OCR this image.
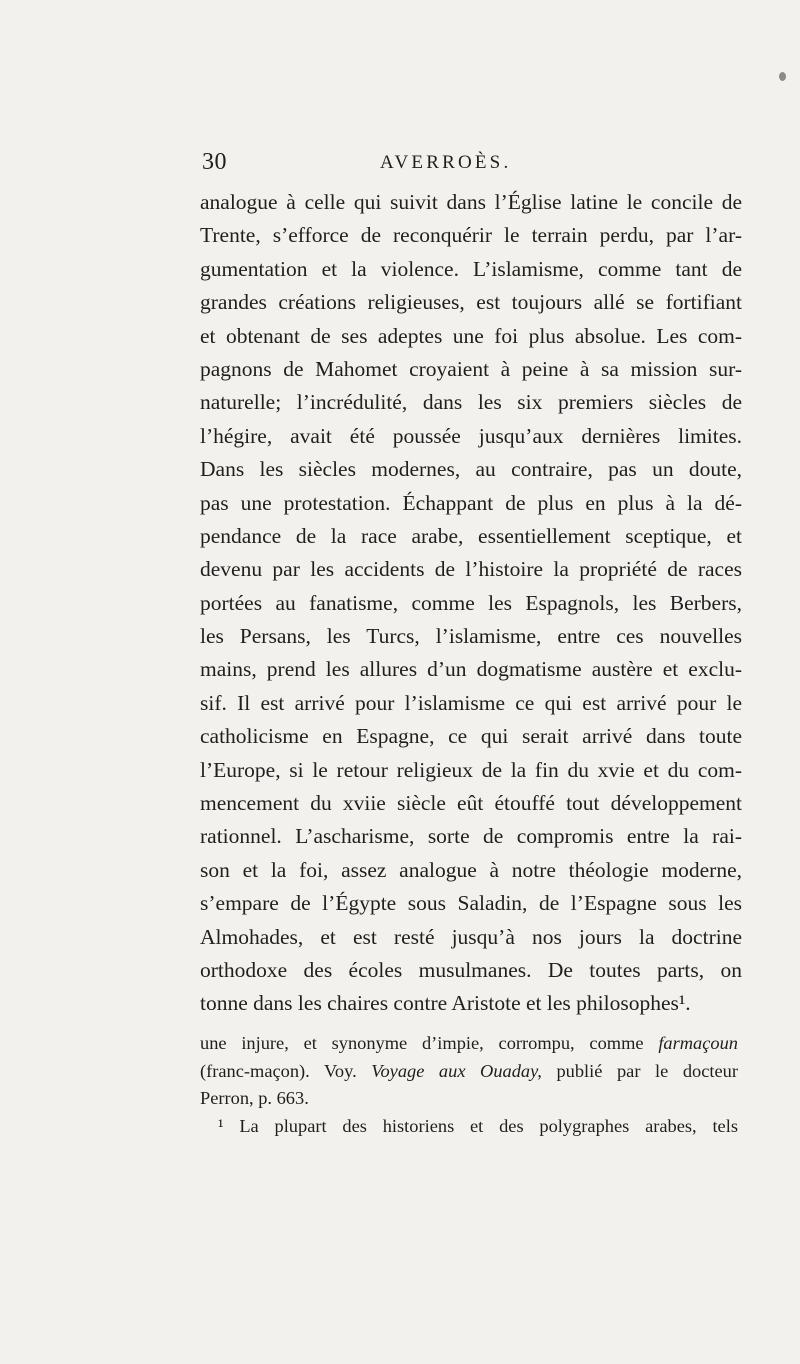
30	AVERROÈS.
analogue à celle qui suivit dans l’Église latine le concile de
Trente, s’efforce de reconquérir le terrain perdu, par l’ar-
gumentation et la violence. L’islamisme, comme tant de
grandes créations religieuses, est toujours allé se fortifiant
et obtenant de ses adeptes une foi plus absolue. Les com-
pagnons de Mahomet croyaient à peine à sa mission sur-
naturelle; l’incrédulité, dans les six premiers siècles de
l’hégire, avait été poussée jusqu’aux dernières limites.
Dans les siècles modernes, au contraire, pas un doute,
pas une protestation. Échappant de plus en plus à la dé-
pendance de la race arabe, essentiellement sceptique, et
devenu par les accidents de l’histoire la propriété de races
portées au fanatisme, comme les Espagnols, les Berbers,
les Persans, les Turcs, l’islamisme, entre ces nouvelles
mains, prend les allures d’un dogmatisme austère et exclu-
sif. Il est arrivé pour l’islamisme ce qui est arrivé pour le
catholicisme en Espagne, ce qui serait arrivé dans toute
l’Europe, si le retour religieux de la fin du xvie et du com-
mencement du xviie siècle eût étouffé tout développement
rationnel. L’ascharisme, sorte de compromis entre la rai-
son et la foi, assez analogue à notre théologie moderne,
s’empare de l’Égypte sous Saladin, de l’Espagne sous les
Almohades, et est resté jusqu’à nos jours la doctrine
orthodoxe des écoles musulmanes. De toutes parts, on
tonne dans les chaires contre Aristote et les philosophes¹.
une injure, et synonyme d’impie, corrompu, comme farmaçoun
(franc-maçon). Voy. Voyage aux Ouaday, publié par le docteur
Perron, p. 663.
¹ La plupart des historiens et des polygraphes arabes, tels
